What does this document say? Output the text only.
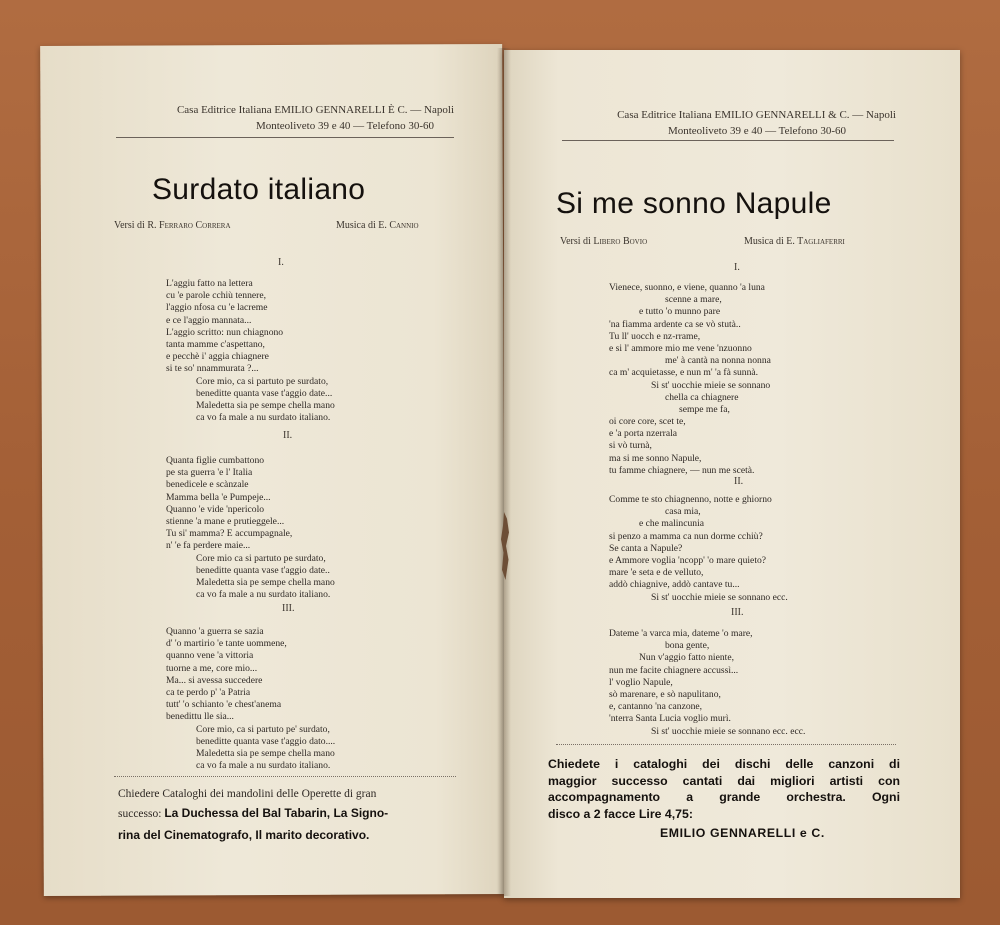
Casa Editrice Italiana EMILIO GENNARELLI È C. — Napoli
Monteoliveto 39 e 40 — Telefono 30-60
Surdato italiano
Versi di R. Ferraro Correra	Musica di E. Cannio
I.
L'aggiu fatto na lettera
cu 'e parole cchiù tennere,
l'aggio nfosa cu 'e lacreme
e ce l'aggio mannata...
L'aggio scritto: nun chiagnono
tanta mamme c'aspettano,
e pecchè i' aggia chiagnere
si te so' nnammurata ?...
Core mio, ca si partuto pe surdato,
beneditte quanta vase t'aggio date...
Maledetta sia pe sempe chella mano
ca vo fa male a nu surdato italiano.
II.
Quanta figlie cumbattono
pe sta guerra 'e l' Italia
benedicele e scànzale
Mamma bella 'e Pumpeje...
Quanno 'e vide 'npericolo
stienne 'a mane e prutieggele...
Tu si' mamma? E accumpagnale,
n' 'e fa perdere maie...
Core mio ca si partuto pe surdato,
beneditte quanta vase t'aggio date..
Maledetta sia pe sempe chella mano
ca vo fa male a nu surdato italiano.
III.
Quanno 'a guerra se sazia
d' 'o martirio 'e tante uommene,
quanno vene 'a vittoria
tuorne a me, core mio...
Ma... si avessa succedere
ca te perdo p' 'a Patria
tutt' 'o schianto 'e chest'anema
benedittu lle sia...
Core mio, ca si partuto pe' surdato,
beneditte quanta vase t'aggio dato....
Maledetta sia pe sempe chella mano
ca vo fa male a nu surdato italiano.
Chiedere Cataloghi dei mandolini delle Operette di gran
successo: La Duchessa del Bal Tabarin, La Signo-
rina del Cinematografo, Il marito decorativo.
Casa Editrice Italiana EMILIO GENNARELLI & C. — Napoli
Monteoliveto 39 e 40 — Telefono 30-60
Si me sonno Napule
Versi di Libero Bovio	Musica di E. Tagliaferri
I.
Vienece, suonno, e viene, quanno 'a luna
scenne a mare,
e tutto 'o munno pare
'na fiamma ardente ca se vò stutà..
Tu ll' uocch e nz-rrame,
e si l' ammore mio me vene 'nzuonno
me' à cantà na nonna nonna
ca m' acquietasse, e nun m' 'a fà sunnà.
Si st' uocchie mieie se sonnano
chella ca chiagnere
sempe me fa,
oi core core, scet te,
e 'a porta nzerrala
si vò turnà,
ma si me sonno Napule,
tu famme chiagnere, — nun me scetà.
II.
Comme te sto chiagnenno, notte e ghiorno
casa mia,
e che malincunia
si penzo a mamma ca nun dorme cchiù?
Se canta a Napule?
e Ammore voglia 'ncopp' 'o mare quieto?
mare 'e seta e de velluto,
addò chiagnive, addò cantave tu...
Si st' uocchie mieie se sonnano ecc.
III.
Dateme 'a varca mia, dateme 'o mare,
bona gente,
Nun v'aggio fatto niente,
nun me facite chiagnere accussì...
l' voglio Napule,
sò marenare, e sò napulitano,
e, cantanno 'na canzone,
'nterra Santa Lucia voglio murì.
Si st' uocchie mieie se sonnano ecc. ecc.
Chiedete i cataloghi dei dischi delle canzoni di
maggior successo cantati dai migliori artisti con
accompagnamento a grande orchestra. Ogni
disco a 2 facce Lire 4,75:
EMILIO GENNARELLI e C.
